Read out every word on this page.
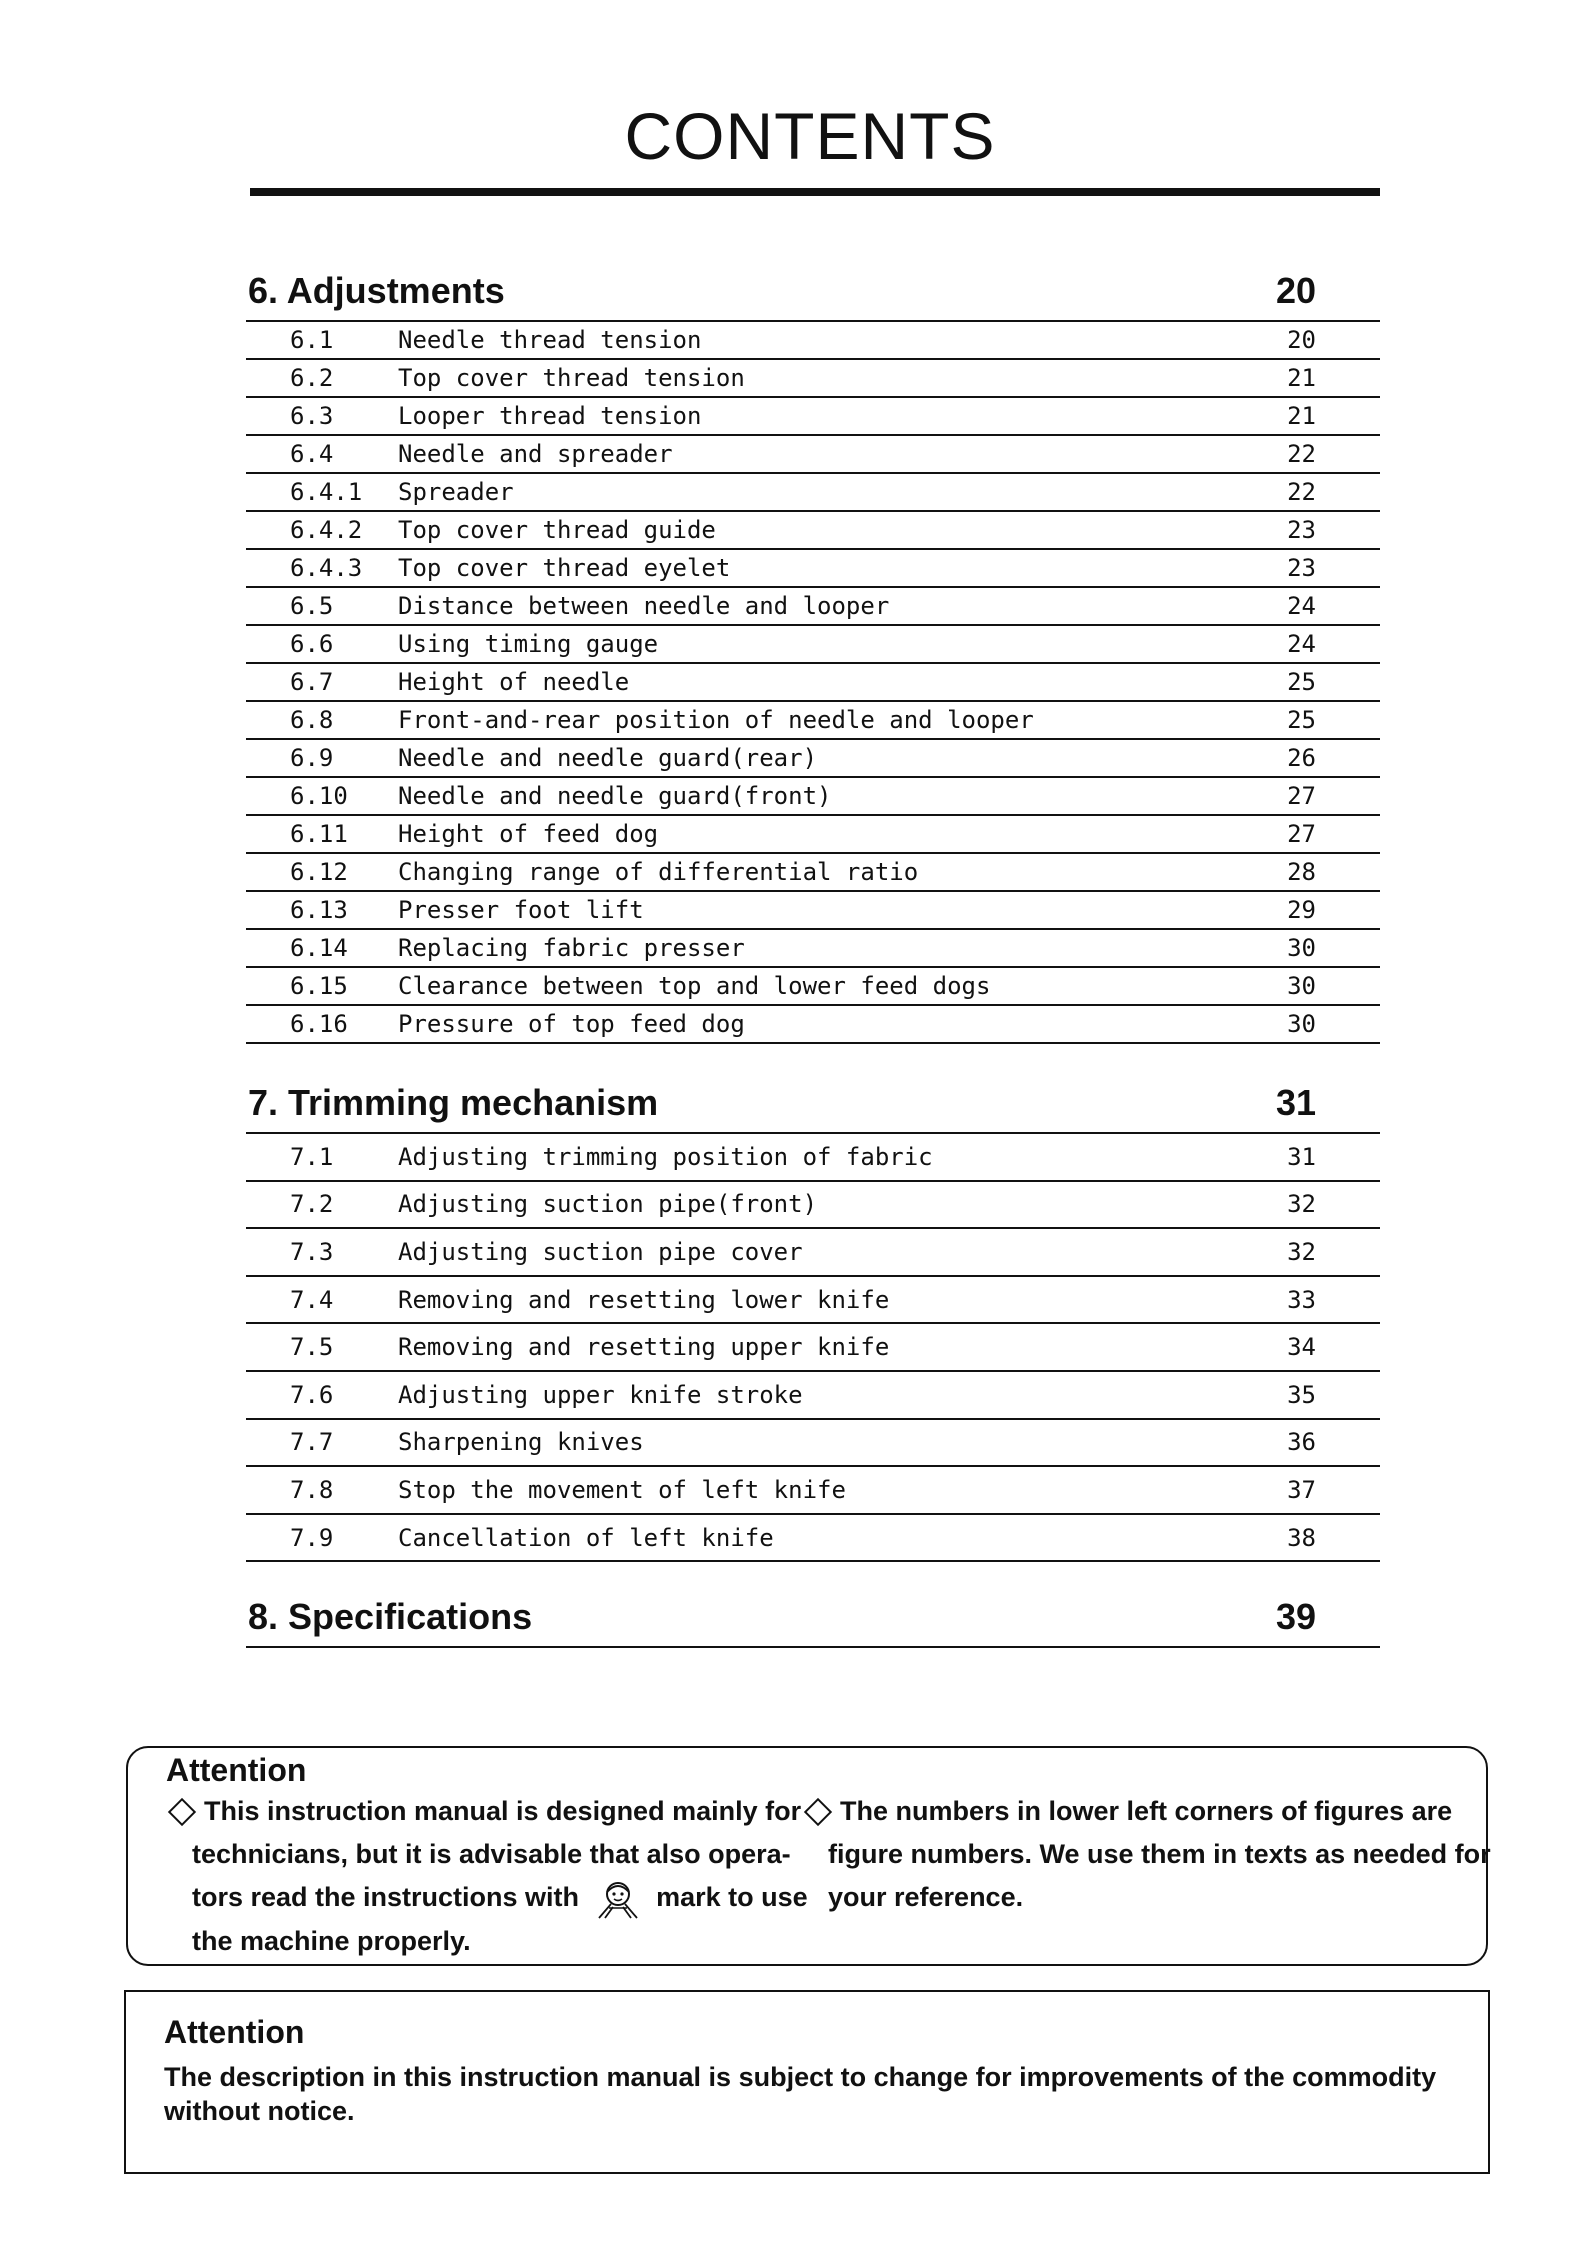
CONTENTS
6. Adjustments	20
6.1	Needle thread tension	20
6.2	Top cover thread tension	21
6.3	Looper thread tension	21
6.4	Needle and spreader	22
6.4.1 Spreader	22
6.4.2 Top cover thread guide	23
6.4.3 Top cover thread eyelet	23
6.5	Distance between needle and looper	24
6.6	Using timing gauge	24
6.7	Height of needle	25
6.8	Front-and-rear position of needle and looper	25
6.9	Needle and needle guard(rear)	26
6.10 Needle and needle guard(front)	27
6.11 Height of feed dog	27
6.12 Changing range of differential ratio	28
6.13 Presser foot lift	29
6.14 Replacing fabric presser	30
6.15 Clearance between top and lower feed dogs	30
6.16 Pressure of top feed dog	30
7. Trimming mechanism	31
7.1	Adjusting trimming position of fabric	31
7.2	Adjusting suction pipe(front)	32
7.3	Adjusting suction pipe cover	32
7.4	Removing and resetting lower knife	33
7.5	Removing and resetting upper knife	34
7.6	Adjusting upper knife stroke	35
7.7	Sharpening knives	36
7.8	Stop the movement of left knife	37
7.9	Cancellation of left knife	38
8. Specifications	39
Attention
This instruction manual is designed mainly for
technicians, but it is advisable that also opera-
tors read the instructions with	mark to use
the machine properly.
The numbers in lower left corners of figures are
figure numbers. We use them in texts as needed for
your reference.
Attention
The description in this instruction manual is subject to change for improvements of the commodity without notice.
